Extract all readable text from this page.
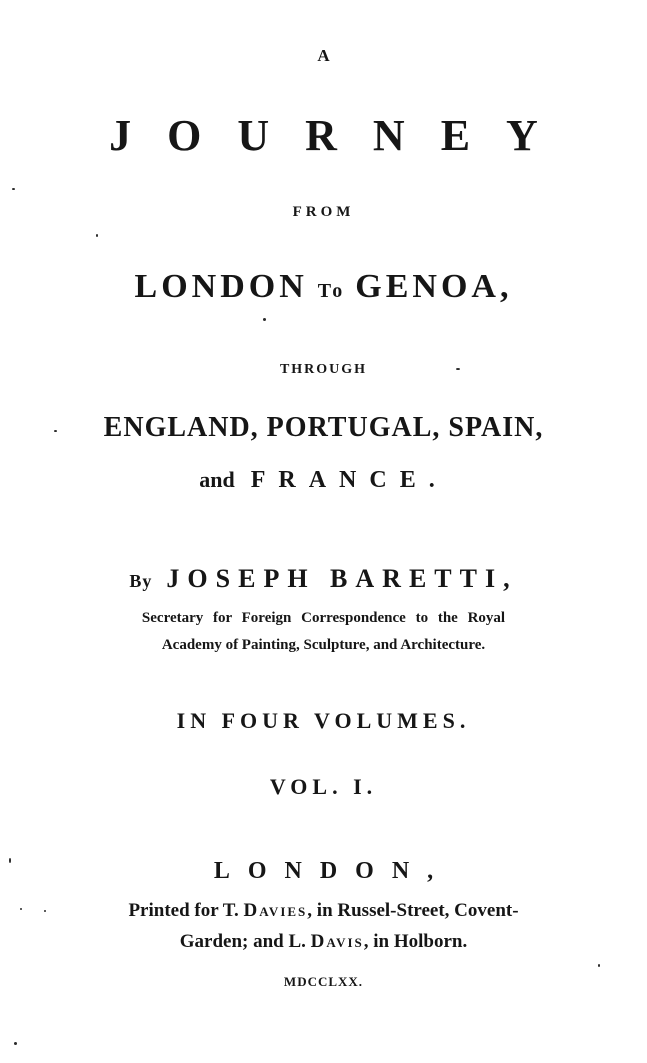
A
JOURNEY
FROM
LONDON To GENOA,
THROUGH
ENGLAND, PORTUGAL, SPAIN,
and FRANCE.
By JOSEPH BARETTI,
Secretary for Foreign Correspondence to the Royal
Academy of Painting, Sculpture, and Architecture.
IN FOUR VOLUMES.
VOL. I.
LONDON,
Printed for T. Davies, in Russel-Street, Covent-
Garden; and L. Davis, in Holborn.
MDCCLXX.
